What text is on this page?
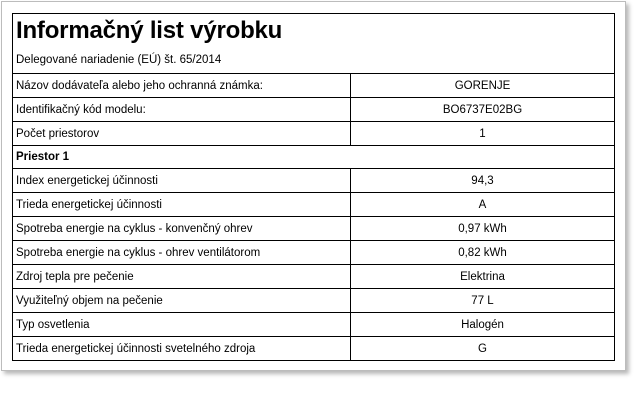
Informačný list výrobku
Delegované nariadenie (EÚ) št. 65/2014
Názov dodávateľa alebo jeho ochranná známka:	GORENJE
Identifikačný kód modelu:	BO6737E02BG
Počet priestorov	1
Priestor 1
Index energetickej účinnosti	94,3
Trieda energetickej účinnosti	A
Spotreba energie na cyklus - konvenčný ohrev	0,97 kWh
Spotreba energie na cyklus - ohrev ventilátorom	0,82 kWh
Zdroj tepla pre pečenie	Elektrina
Využiteľný objem na pečenie	77 L
Typ osvetlenia	Halogén
Trieda energetickej účinnosti svetelného zdroja	G
